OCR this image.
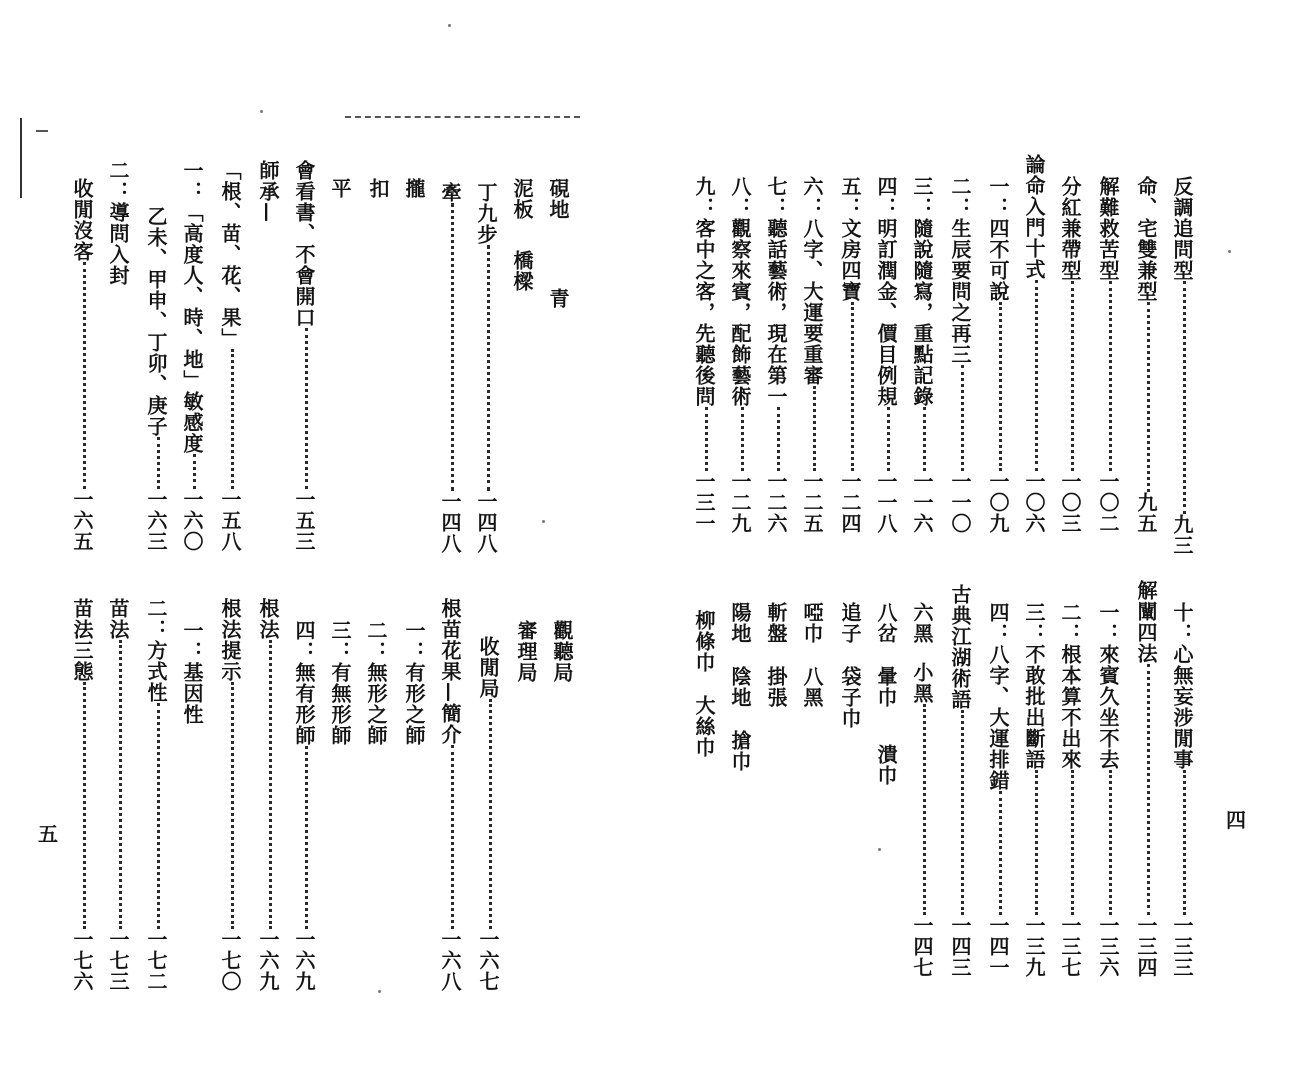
硯地
青
泥板
橋樑
丁九步
一四八
牽
一四八
攏
扣
平
會看書、不會開口
一五三
師承—
「根、苗、花、果」
一五八
一：「高度人、時、地」敏感度
一六〇
乙未、甲申、丁卯、庚子
一六三
二：導問入封
收閒沒客
一六五
觀聽局
審理局
收閒局
一六七
根苗花果—簡介
一六八
一：有形之師
二：無形之師
三：有無形師
四：無有形師
一六九
根法
一六九
根法提示
一七〇
一：基因性
二：方式性
一七二
苗法
一七三
苗法三態
一七六
五
反調追問型
九三
命、宅雙兼型
九五
解難救苦型
一〇二
分紅兼帶型
一〇三
論命入門十式
一〇六
一：四不可說
一〇九
二：生辰要問之再三
一一〇
三：隨說隨寫，重點記錄
一一六
四：明訂潤金、價目例規
一一八
五：文房四寶
一二四
六：八字、大運要重審
一二五
七：聽話藝術，現在第一
一二六
八：觀察來賓，配飾藝術
一二九
九：客中之客，先聽後問
一三一
十：心無妄涉閒事
一三三
解闡四法
一三四
一：來賓久坐不去
一三六
二：根本算不出來
一三七
三：不敢批出斷語
一三九
四：八字、大運排錯
一四一
古典江湖術語
一四三
六黑
小黑
一四七
八岔
暈巾
潰巾
追子
袋子巾
啞巾
八黑
斬盤
掛張
陽地
陰地
搶巾
柳條巾
大絲巾
四
